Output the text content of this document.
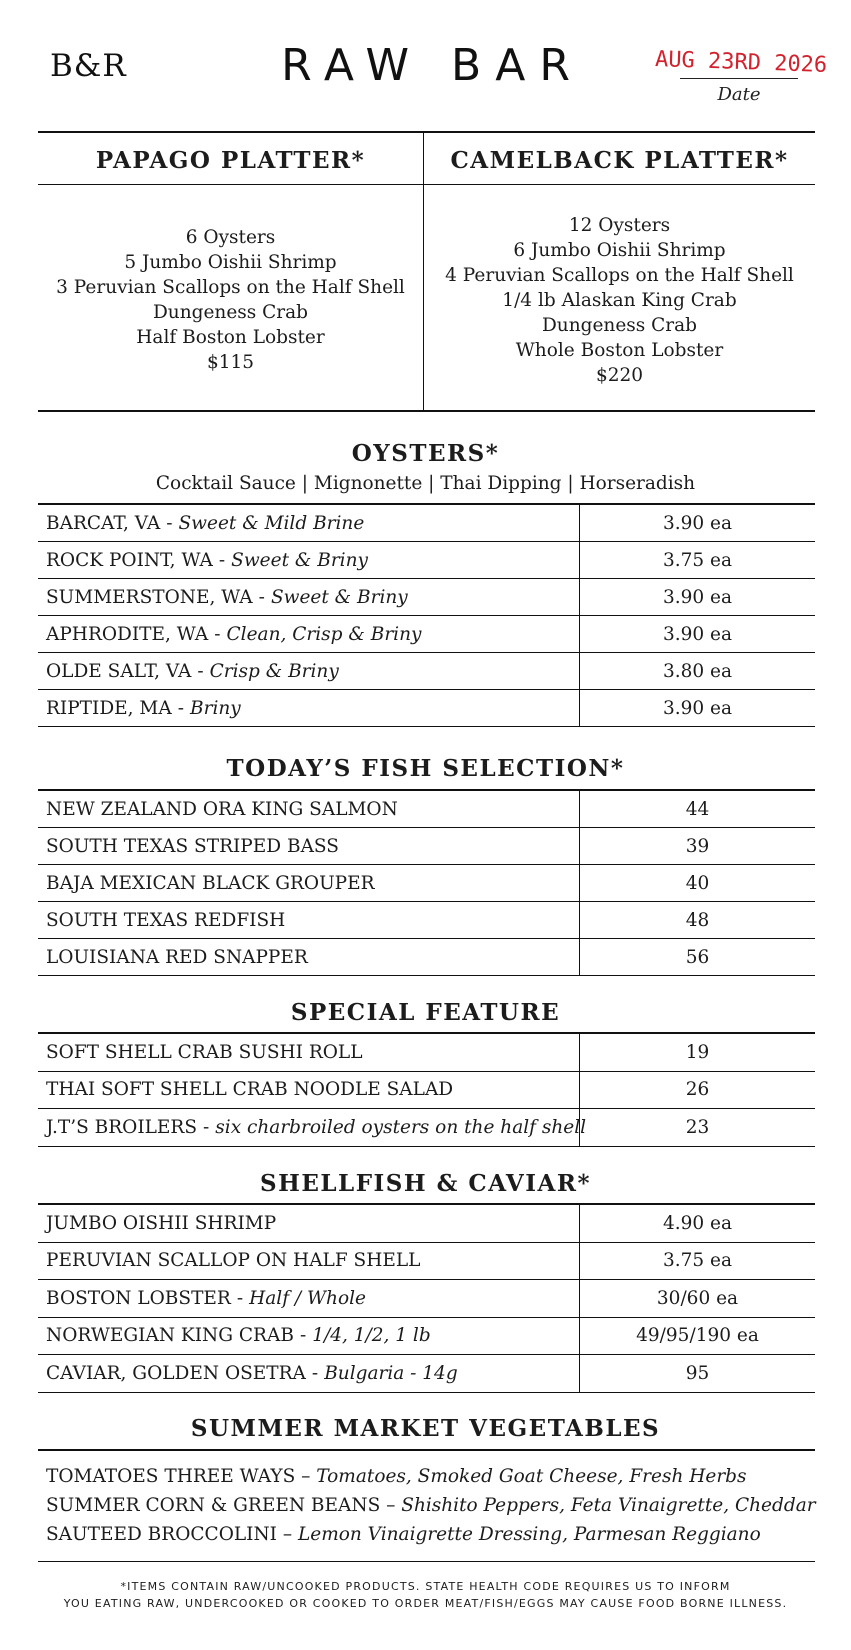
B&R	RAW BAR	AUG 23RD 2026
Date
PAPAGO PLATTER*
6 Oysters
5 Jumbo Oishii Shrimp
3 Peruvian Scallops on the Half Shell
Dungeness Crab
Half Boston Lobster
$115
CAMELBACK PLATTER*
12 Oysters
6 Jumbo Oishii Shrimp
4 Peruvian Scallops on the Half Shell
1/4 lb Alaskan King Crab
Dungeness Crab
Whole Boston Lobster
$220
OYSTERS*
Cocktail Sauce | Mignonette | Thai Dipping | Horseradish
BARCAT, VA - Sweet & Mild Brine	3.90 ea
ROCK POINT, WA - Sweet & Briny	3.75 ea
SUMMERSTONE, WA - Sweet & Briny	3.90 ea
APHRODITE, WA - Clean, Crisp & Briny	3.90 ea
OLDE SALT, VA - Crisp & Briny	3.80 ea
RIPTIDE, MA - Briny	3.90 ea
TODAY’S FISH SELECTION*
NEW ZEALAND ORA KING SALMON	44
SOUTH TEXAS STRIPED BASS	39
BAJA MEXICAN BLACK GROUPER	40
SOUTH TEXAS REDFISH	48
LOUISIANA RED SNAPPER	56
SPECIAL FEATURE
SOFT SHELL CRAB SUSHI ROLL	19
THAI SOFT SHELL CRAB NOODLE SALAD	26
J.T’S BROILERS - six charbroiled oysters on the half shell	23
SHELLFISH & CAVIAR*
JUMBO OISHII SHRIMP	4.90 ea
PERUVIAN SCALLOP ON HALF SHELL	3.75 ea
BOSTON LOBSTER - Half / Whole	30/60 ea
NORWEGIAN KING CRAB - 1/4, 1/2, 1 lb	49/95/190 ea
CAVIAR, GOLDEN OSETRA - Bulgaria - 14g	95
SUMMER MARKET VEGETABLES
TOMATOES THREE WAYS – Tomatoes, Smoked Goat Cheese, Fresh Herbs
SUMMER CORN & GREEN BEANS – Shishito Peppers, Feta Vinaigrette, Cheddar
SAUTEED BROCCOLINI – Lemon Vinaigrette Dressing, Parmesan Reggiano
*ITEMS CONTAIN RAW/UNCOOKED PRODUCTS. STATE HEALTH CODE REQUIRES US TO INFORM
YOU EATING RAW, UNDERCOOKED OR COOKED TO ORDER MEAT/FISH/EGGS MAY CAUSE FOOD BORNE ILLNESS.
